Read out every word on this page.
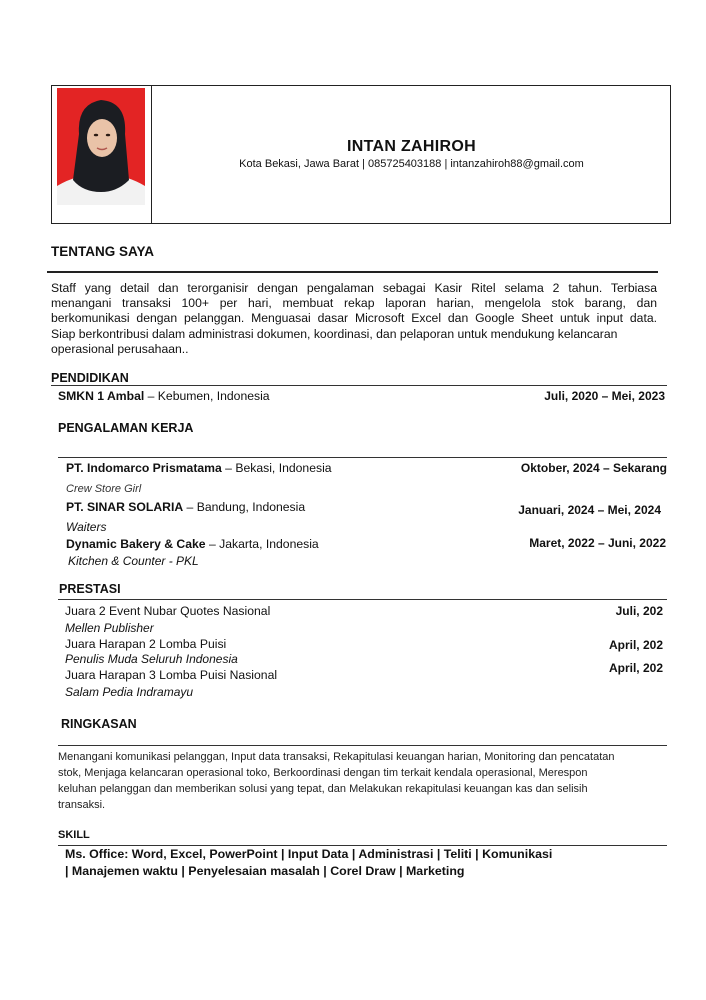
INTAN ZAHIROH
Kota Bekasi, Jawa Barat | 085725403188 | intanzahiroh88@gmail.com
TENTANG SAYA
Staff yang detail dan terorganisir dengan pengalaman sebagai Kasir Ritel selama 2 tahun. Terbiasa
menangani transaksi 100+ per hari, membuat rekap laporan harian, mengelola stok barang, dan
berkomunikasi dengan pelanggan. Menguasai dasar Microsoft Excel dan Google Sheet untuk input data.
Siap berkontribusi dalam administrasi dokumen, koordinasi, dan pelaporan untuk mendukung kelancaran
operasional perusahaan..
PENDIDIKAN
SMKN 1 Ambal – Kebumen, Indonesia	Juli, 2020 – Mei, 2023
PENGALAMAN KERJA
PT. Indomarco Prismatama – Bekasi, Indonesia	Oktober, 2024 – Sekarang
Crew Store Girl
PT. SINAR SOLARIA – Bandung, Indonesia	Januari, 2024 – Mei, 2024
Waiters
Dynamic Bakery & Cake – Jakarta, Indonesia	Maret, 2022 – Juni, 2022
Kitchen & Counter - PKL
PRESTASI
Juara 2 Event Nubar Quotes Nasional	Juli, 202
Mellen Publisher
Juara Harapan 2 Lomba Puisi	April, 202
Penulis Muda Seluruh Indonesia
Juara Harapan 3 Lomba Puisi Nasional	April, 202
Salam Pedia Indramayu
RINGKASAN
Menangani komunikasi pelanggan, Input data transaksi, Rekapitulasi keuangan harian, Monitoring dan pencatatan
stok, Menjaga kelancaran operasional toko, Berkoordinasi dengan tim terkait kendala operasional, Merespon
keluhan pelanggan dan memberikan solusi yang tepat, dan Melakukan rekapitulasi keuangan kas dan selisih
transaksi.
SKILL
Ms. Office: Word, Excel, PowerPoint | Input Data | Administrasi | Teliti | Komunikasi
| Manajemen waktu | Penyelesaian masalah | Corel Draw | Marketing
